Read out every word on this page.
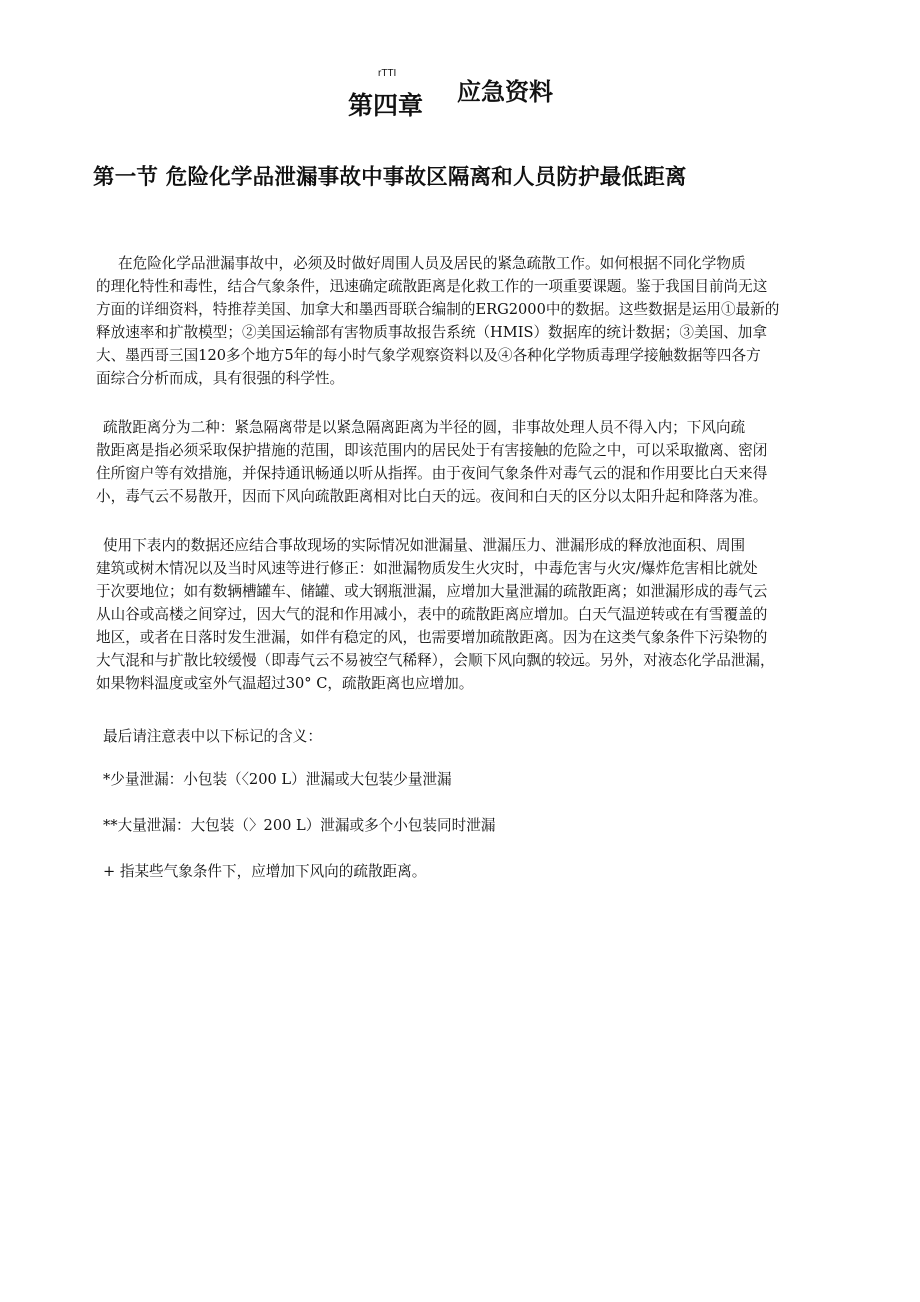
rTTI
第四章 应急资料
第一节 危险化学品泄漏事故中事故区隔离和人员防护最低距离
在危险化学品泄漏事故中，必须及时做好周围人员及居民的紧急疏散工作。如何根据不同化学物质
的理化特性和毒性，结合气象条件，迅速确定疏散距离是化救工作的一项重要课题。鉴于我国目前尚无这
方面的详细资料，特推荐美国、加拿大和墨西哥联合编制的ERG2000中的数据。这些数据是运用①最新的
释放速率和扩散模型；②美国运输部有害物质事故报告系统（HMIS）数据库的统计数据；③美国、加拿
大、墨西哥三国120多个地方5年的每小时气象学观察资料以及④各种化学物质毒理学接触数据等四各方
面综合分析而成，具有很强的科学性。
疏散距离分为二种：紧急隔离带是以紧急隔离距离为半径的圆，非事故处理人员不得入内；下风向疏
散距离是指必须采取保护措施的范围，即该范围内的居民处于有害接触的危险之中，可以采取撤离、密闭
住所窗户等有效措施，并保持通讯畅通以听从指挥。由于夜间气象条件对毒气云的混和作用要比白天来得
小，毒气云不易散开，因而下风向疏散距离相对比白天的远。夜间和白天的区分以太阳升起和降落为准。
使用下表内的数据还应结合事故现场的实际情况如泄漏量、泄漏压力、泄漏形成的释放池面积、周围
建筑或树木情况以及当时风速等进行修正：如泄漏物质发生火灾时，中毒危害与火灾/爆炸危害相比就处
于次要地位；如有数辆槽罐车、储罐、或大钢瓶泄漏，应增加大量泄漏的疏散距离；如泄漏形成的毒气云
从山谷或高楼之间穿过，因大气的混和作用减小，表中的疏散距离应增加。白天气温逆转或在有雪覆盖的
地区，或者在日落时发生泄漏，如伴有稳定的风，也需要增加疏散距离。因为在这类气象条件下污染物的
大气混和与扩散比较缓慢（即毒气云不易被空气稀释），会顺下风向飘的较远。另外，对液态化学品泄漏，
如果物料温度或室外气温超过30° C，疏散距离也应增加。
最后请注意表中以下标记的含义：
*少量泄漏：小包装（〈200 L）泄漏或大包装少量泄漏
**大量泄漏：大包装（〉200 L）泄漏或多个小包装同时泄漏
+ 指某些气象条件下，应增加下风向的疏散距离。
